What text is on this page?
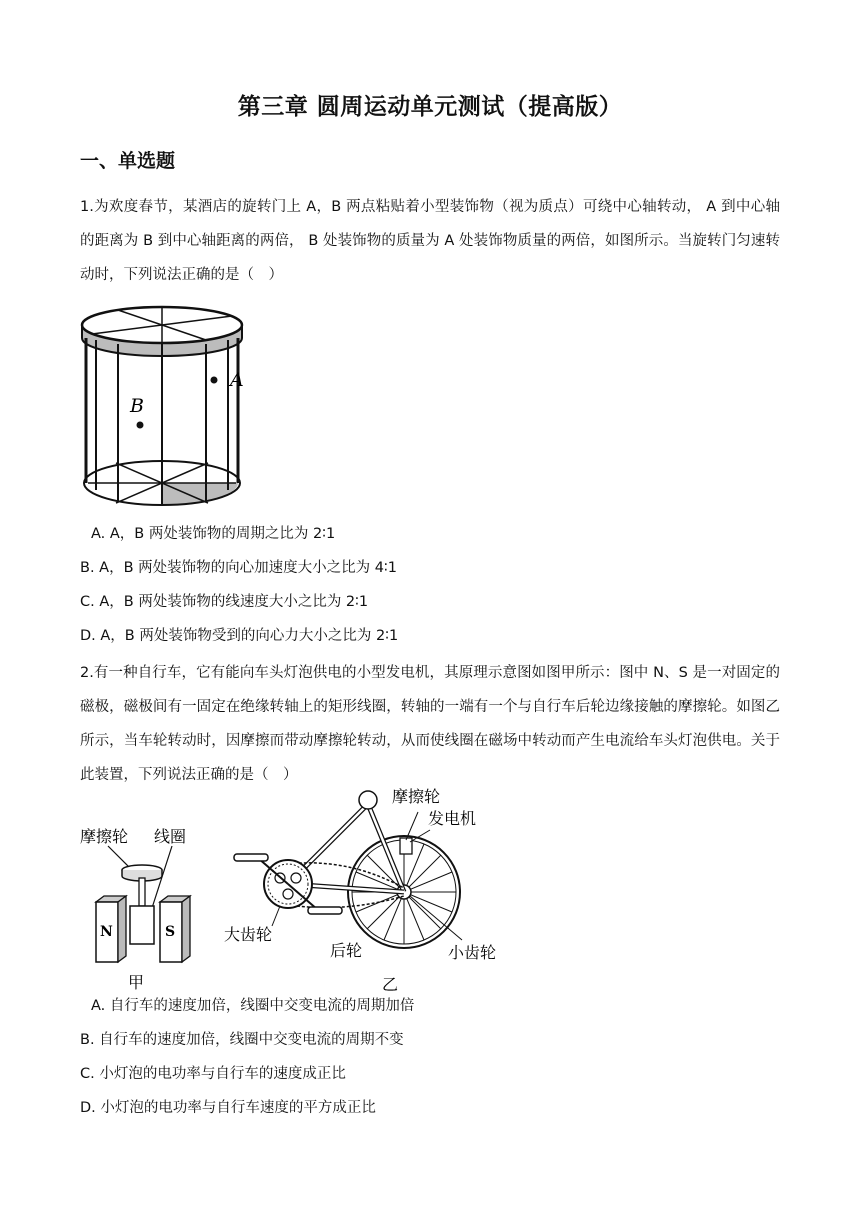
第三章 圆周运动单元测试（提高版）
一、单选题
1.为欢度春节，某酒店的旋转门上 A，B 两点粘贴着小型装饰物（视为质点）可绕中心轴转动， A 到中心轴的距离为 B 到中心轴距离的两倍， B 处装饰物的质量为 A 处装饰物质量的两倍，如图所示。当旋转门匀速转动时，下列说法正确的是（　）
A
B
A. A，B 两处装饰物的周期之比为 2∶1
B. A，B 两处装饰物的向心加速度大小之比为 4∶1
C. A，B 两处装饰物的线速度大小之比为 2∶1
D. A，B 两处装饰物受到的向心力大小之比为 2∶1
2.有一种自行车，它有能向车头灯泡供电的小型发电机，其原理示意图如图甲所示：图中 N、S 是一对固定的磁极，磁极间有一固定在绝缘转轴上的矩形线圈，转轴的一端有一个与自行车后轮边缘接触的摩擦轮。如图乙所示，当车轮转动时，因摩擦而带动摩擦轮转动，从而使线圈在磁场中转动而产生电流给车头灯泡供电。关于此装置，下列说法正确的是（　）
摩擦轮 线圈
N	S
甲
摩擦轮
发电机
大齿轮
后轮	小齿轮
乙
A. 自行车的速度加倍，线圈中交变电流的周期加倍
B. 自行车的速度加倍，线圈中交变电流的周期不变
C. 小灯泡的电功率与自行车的速度成正比
D. 小灯泡的电功率与自行车速度的平方成正比
